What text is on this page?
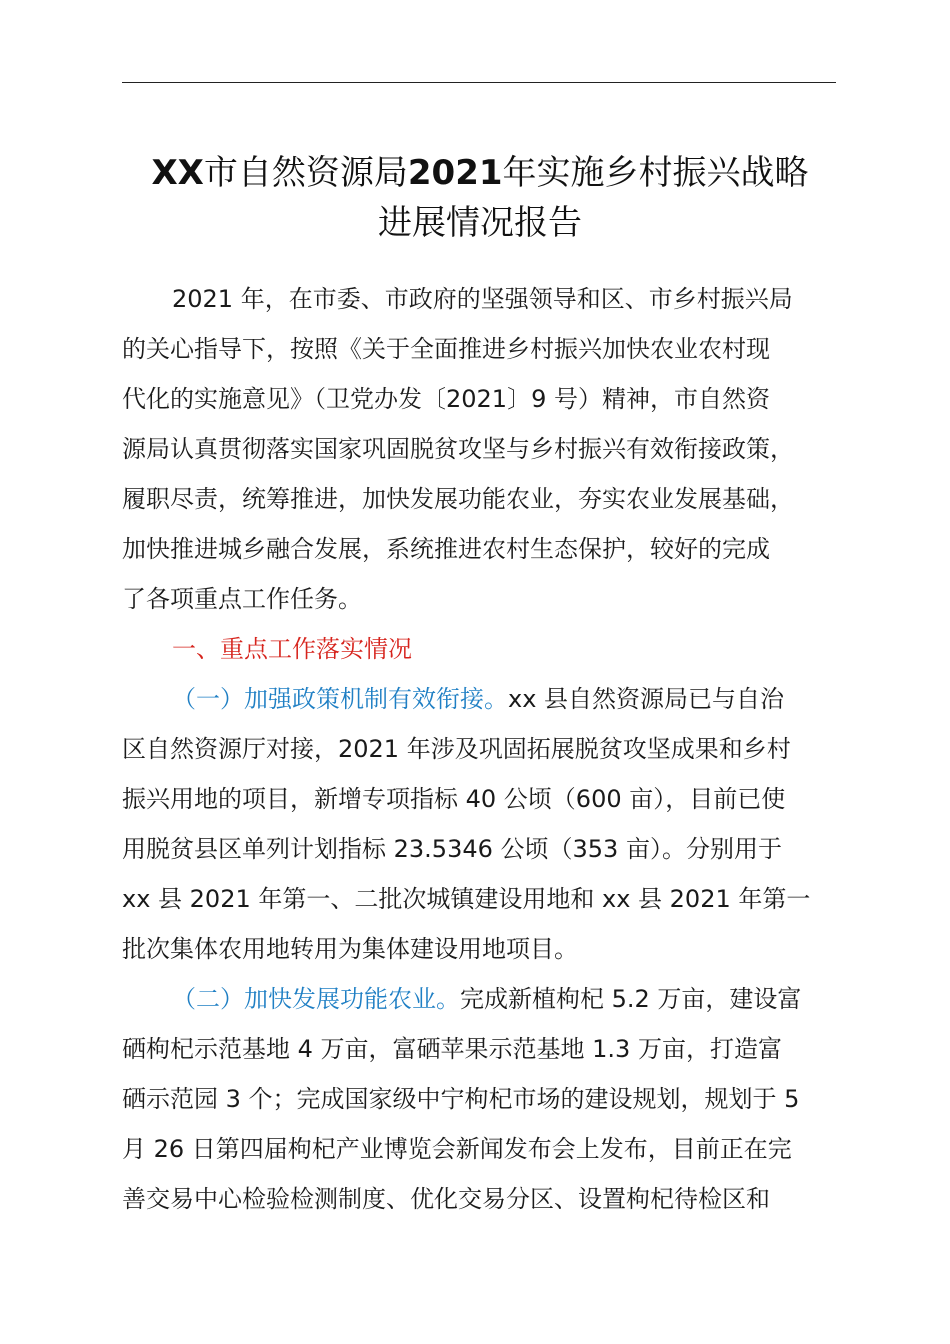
XX市自然资源局2021年实施乡村振兴战略
进展情况报告
2021 年，在市委、市政府的坚强领导和区、市乡村振兴局
的关心指导下，按照《关于全面推进乡村振兴加快农业农村现
代化的实施意见》（卫党办发〔2021〕9 号）精神，市自然资
源局认真贯彻落实国家巩固脱贫攻坚与乡村振兴有效衔接政策，
履职尽责，统筹推进，加快发展功能农业，夯实农业发展基础，
加快推进城乡融合发展，系统推进农村生态保护，较好的完成
了各项重点工作任务。
一、重点工作落实情况
（一）加强政策机制有效衔接。xx 县自然资源局已与自治
区自然资源厅对接，2021 年涉及巩固拓展脱贫攻坚成果和乡村
振兴用地的项目，新增专项指标 40 公顷（600 亩），目前已使
用脱贫县区单列计划指标 23.5346 公顷（353 亩）。分别用于
xx 县 2021 年第一、二批次城镇建设用地和 xx 县 2021 年第一
批次集体农用地转用为集体建设用地项目。
（二）加快发展功能农业。完成新植枸杞 5.2 万亩，建设富
硒枸杞示范基地 4 万亩，富硒苹果示范基地 1.3 万亩，打造富
硒示范园 3 个；完成国家级中宁枸杞市场的建设规划，规划于 5
月 26 日第四届枸杞产业博览会新闻发布会上发布，目前正在完
善交易中心检验检测制度、优化交易分区、设置枸杞待检区和
